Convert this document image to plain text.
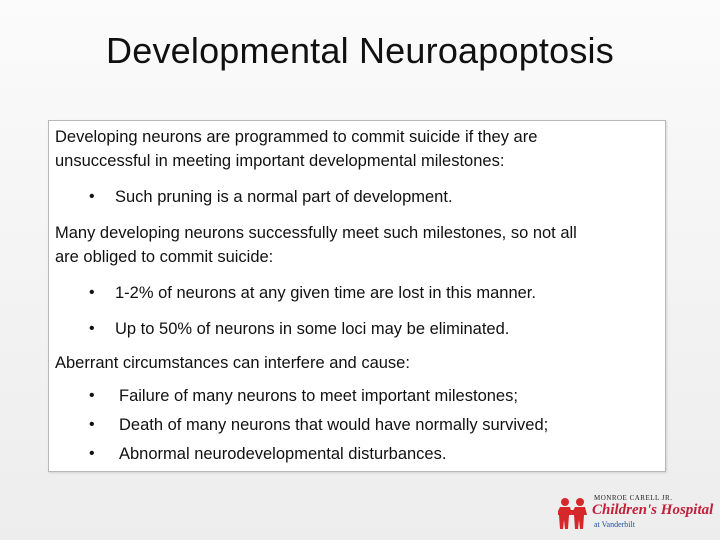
Developmental Neuroapoptosis
Developing neurons are programmed to commit suicide if they are
unsuccessful in meeting important developmental milestones:
• Such pruning is a normal part of development.
Many developing neurons successfully meet such milestones, so not all
are obliged to commit suicide:
• 1-2% of neurons at any given time are lost in this manner.
• Up to 50% of neurons in some loci may be eliminated.
Aberrant circumstances can interfere and cause:
• Failure of many neurons to meet important milestones;
• Death of many neurons that would have normally survived;
• Abnormal neurodevelopmental disturbances.
MONROE CARELL JR.
Children's Hospital
at Vanderbilt
